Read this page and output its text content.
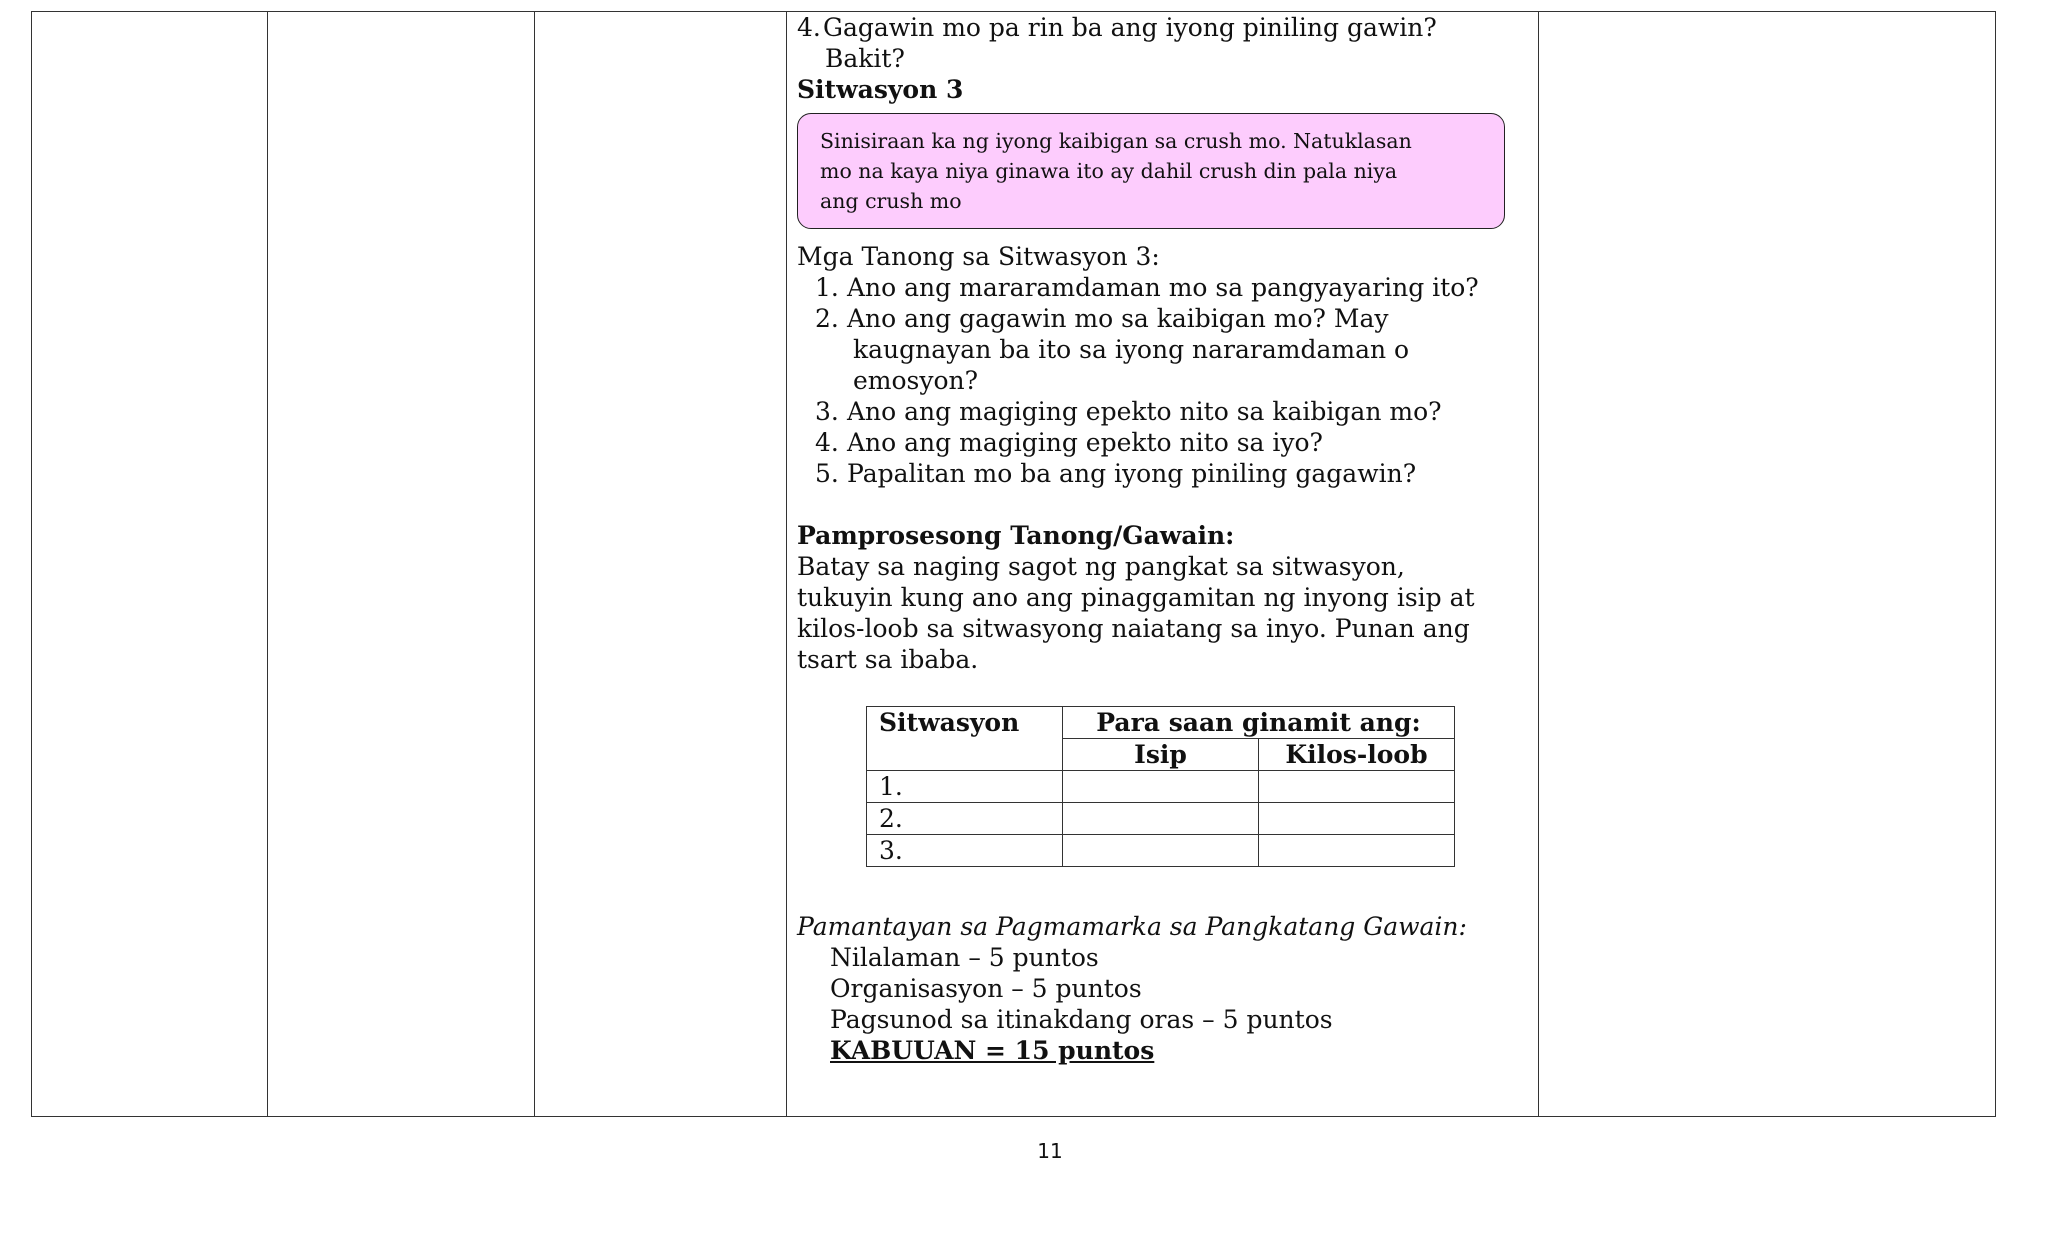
4.Gagawin mo pa rin ba ang iyong piniling gawin?
Bakit?
Sitwasyon 3
Sinisiraan ka ng iyong kaibigan sa crush mo. Natuklasan
mo na kaya niya ginawa ito ay dahil crush din pala niya
ang crush mo
Mga Tanong sa Sitwasyon 3:
1. Ano ang mararamdaman mo sa pangyayaring ito?
2. Ano ang gagawin mo sa kaibigan mo? May
kaugnayan ba ito sa iyong nararamdaman o
emosyon?
3. Ano ang magiging epekto nito sa kaibigan mo?
4. Ano ang magiging epekto nito sa iyo?
5. Papalitan mo ba ang iyong piniling gagawin?
Pamprosesong Tanong/Gawain:
Batay sa naging sagot ng pangkat sa sitwasyon,
tukuyin kung ano ang pinaggamitan ng inyong isip at
kilos-loob sa sitwasyong naiatang sa inyo. Punan ang
tsart sa ibaba.
Sitwasyon	Para saan ginamit ang:	
	Isip	Kilos-loob
1.		
2.		
3.		
Pamantayan sa Pagmamarka sa Pangkatang Gawain:
Nilalaman – 5 puntos
Organisasyon – 5 puntos
Pagsunod sa itinakdang oras – 5 puntos
KABUUAN = 15 puntos
11
